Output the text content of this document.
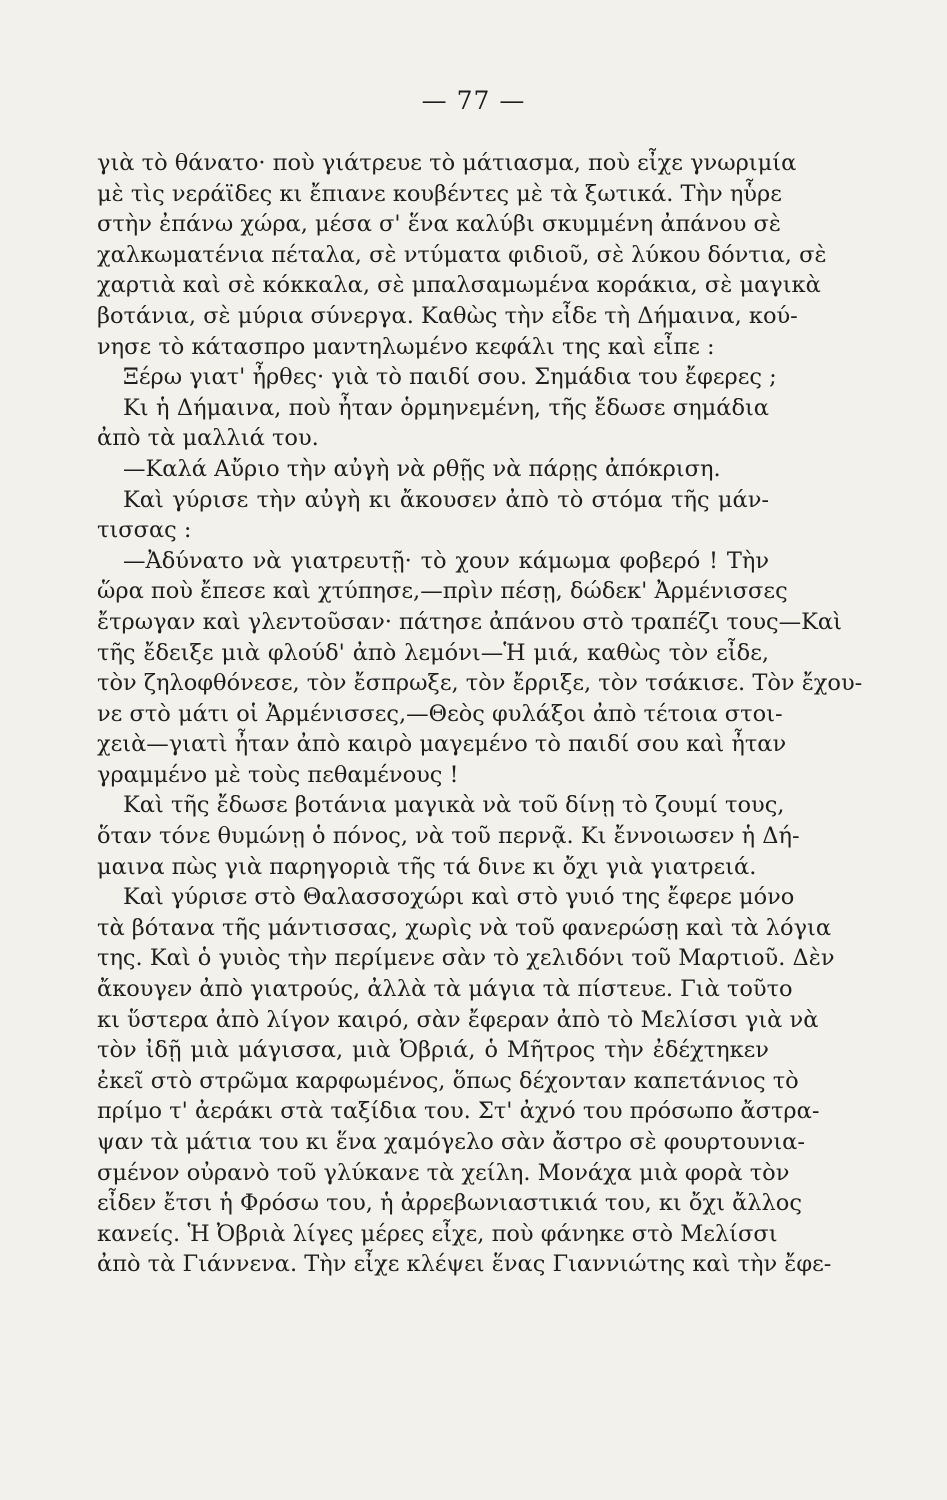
— 77 —
γιὰ τὸ θάνατο· ποὺ γιάτρευε τὸ μάτιασμα, ποὺ εἶχε γνωριμία
μὲ τὶς νεράϊδες κι ἔπιανε κουβέντες μὲ τὰ ξωτικά. Τὴν ηὗρε
στὴν ἐπάνω χώρα, μέσα σ' ἕνα καλύβι σκυμμένη ἀπάνου σὲ
χαλκωματένια πέταλα, σὲ ντύματα φιδιοῦ, σὲ λύκου δόντια, σὲ
χαρτιὰ καὶ σὲ κόκκαλα, σὲ μπαλσαμωμένα κοράκια, σὲ μαγικὰ
βοτάνια, σὲ μύρια σύνεργα. Καθὼς τὴν εἶδε τὴ Δήμαινα, κού-
νησε τὸ κάτασπρο μαντηλωμένο κεφάλι της καὶ εἶπε :
Ξέρω γιατ' ἦρθες· γιὰ τὸ παιδί σου. Σημάδια του ἔφερες ;
Κι ἡ Δήμαινα, ποὺ ἦταν ὁρμηνεμένη, τῆς ἔδωσε σημάδια
ἀπὸ τὰ μαλλιά του.
—Καλά Αὔριο τὴν αὐγὴ νὰ ρθῇς νὰ πάρῃς ἀπόκριση.
Καὶ γύρισε τὴν αὐγὴ κι ἄκουσεν ἀπὸ τὸ στόμα τῆς μάν-
τισσας :
—Ἀδύνατο νὰ γιατρευτῇ· τὸ χουν κάμωμα φοβερό ! Τὴν
ὥρα ποὺ ἔπεσε καὶ χτύπησε,—πρὶν πέσῃ, δώδεκ' Ἀρμένισσες
ἔτρωγαν καὶ γλεντοῦσαν· πάτησε ἀπάνου στὸ τραπέζι τους—Καὶ
τῆς ἔδειξε μιὰ φλούδ' ἀπὸ λεμόνι—Ἡ μιά, καθὼς τὸν εἶδε,
τὸν ζηλοφθόνεσε, τὸν ἔσπρωξε, τὸν ἔρριξε, τὸν τσάκισε. Τὸν ἔχου-
νε στὸ μάτι οἱ Ἀρμένισσες,—Θεὸς φυλάξοι ἀπὸ τέτοια στοι-
χειὰ—γιατὶ ἦταν ἀπὸ καιρὸ μαγεμένο τὸ παιδί σου καὶ ἦταν
γραμμένο μὲ τοὺς πεθαμένους !
Καὶ τῆς ἔδωσε βοτάνια μαγικὰ νὰ τοῦ δίνῃ τὸ ζουμί τους,
ὅταν τόνε θυμώνῃ ὁ πόνος, νὰ τοῦ περνᾷ. Κι ἔννοιωσεν ἡ Δή-
μαινα πὼς γιὰ παρηγοριὰ τῆς τά δινε κι ὄχι γιὰ γιατρειά.
Καὶ γύρισε στὸ Θαλασσοχώρι καὶ στὸ γυιό της ἔφερε μόνο
τὰ βότανα τῆς μάντισσας, χωρὶς νὰ τοῦ φανερώσῃ καὶ τὰ λόγια
της. Καὶ ὁ γυιὸς τὴν περίμενε σὰν τὸ χελιδόνι τοῦ Μαρτιοῦ. Δὲν
ἄκουγεν ἀπὸ γιατρούς, ἀλλὰ τὰ μάγια τὰ πίστευε. Γιὰ τοῦτο
κι ὕστερα ἀπὸ λίγον καιρό, σὰν ἔφεραν ἀπὸ τὸ Μελίσσι γιὰ νὰ
τὸν ἰδῇ μιὰ μάγισσα, μιὰ Ὀβριά, ὁ Μῆτρος τὴν ἐδέχτηκεν
ἐκεῖ στὸ στρῶμα καρφωμένος, ὅπως δέχονταν καπετάνιος τὸ
πρίμο τ' ἀεράκι στὰ ταξίδια του. Στ' ἀχνό του πρόσωπο ἄστρα-
ψαν τὰ μάτια του κι ἕνα χαμόγελο σὰν ἄστρο σὲ φουρτουνια-
σμένον οὐρανὸ τοῦ γλύκανε τὰ χείλη. Μονάχα μιὰ φορὰ τὸν
εἶδεν ἔτσι ἡ Φρόσω του, ἡ ἀρρεβωνιαστικιά του, κι ὄχι ἄλλος
κανείς. Ἡ Ὀβριὰ λίγες μέρες εἶχε, ποὺ φάνηκε στὸ Μελίσσι
ἀπὸ τὰ Γιάννενα. Τὴν εἶχε κλέψει ἕνας Γιαννιώτης καὶ τὴν ἔφε-
